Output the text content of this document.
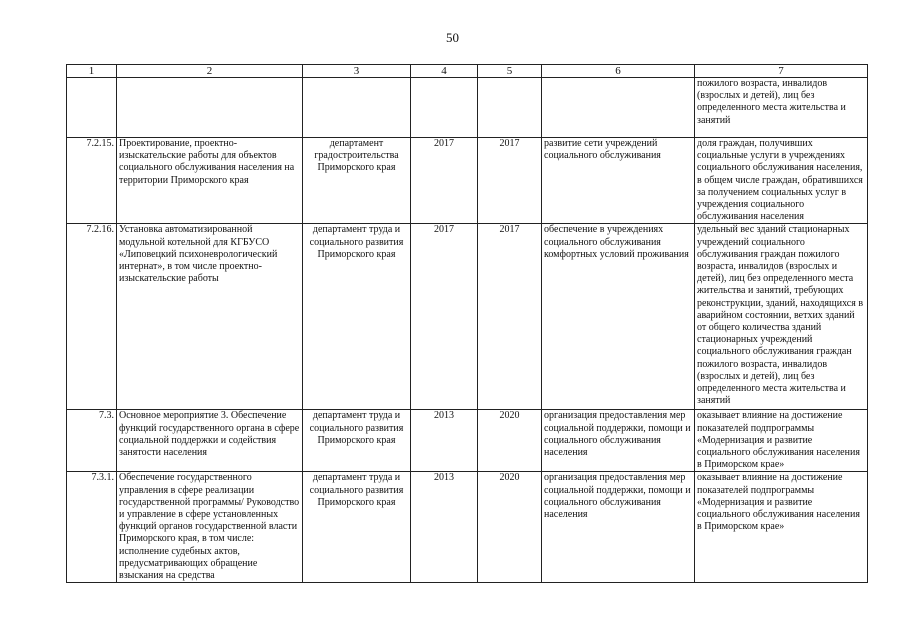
50
1	2	3	4	5	6	7
						пожилого возраста, инвалидов (взрослых и детей), лиц без определенного места жительства и занятий
7.2.15.	Проектирование, проектно-изыскательские работы для объектов социального обслуживания населения на территории Приморского края	департамент градостроительства Приморского края	2017	2017	развитие сети учреждений социального обслуживания	доля граждан, получивших социальные услуги в учреждениях социального обслуживания населения, в общем числе граждан, обратившихся за получением социальных услуг в учреждения социального обслуживания населения
7.2.16.	Установка автоматизированной модульной котельной для КГБУСО «Липовецкий психоневрологический интернат», в том числе проектно-изыскательские работы	департамент труда и социального развития Приморского края	2017	2017	обеспечение в учреждениях социального обслуживания комфортных условий проживания	удельный вес зданий стационарных учреждений социального обслуживания граждан пожилого возраста, инвалидов (взрослых и детей), лиц без определенного места жительства и занятий, требующих реконструкции, зданий, находящихся в аварийном состоянии, ветхих зданий от общего количества зданий стационарных учреждений социального обслуживания граждан пожилого возраста, инвалидов (взрослых и детей), лиц без определенного места жительства и занятий
7.3.	Основное мероприятие 3. Обеспечение функций государственного органа в сфере социальной поддержки и содействия занятости населения	департамент труда и социального развития Приморского края	2013	2020	организация предоставления мер социальной поддержки, помощи и социального обслуживания населения	оказывает влияние на достижение показателей подпрограммы «Модернизация и развитие социального обслуживания населения в Приморском крае»
7.3.1.	Обеспечение государственного управления в сфере реализации государственной программы/ Руководство и управление в сфере установленных функций органов государственной власти Приморского края, в том числе: исполнение судебных актов, предусматривающих обращение взыскания на средства	департамент труда и социального развития Приморского края	2013	2020	организация предоставления мер социальной поддержки, помощи и социального обслуживания населения	оказывает влияние на достижение показателей подпрограммы «Модернизация и развитие социального обслуживания населения в Приморском крае»
